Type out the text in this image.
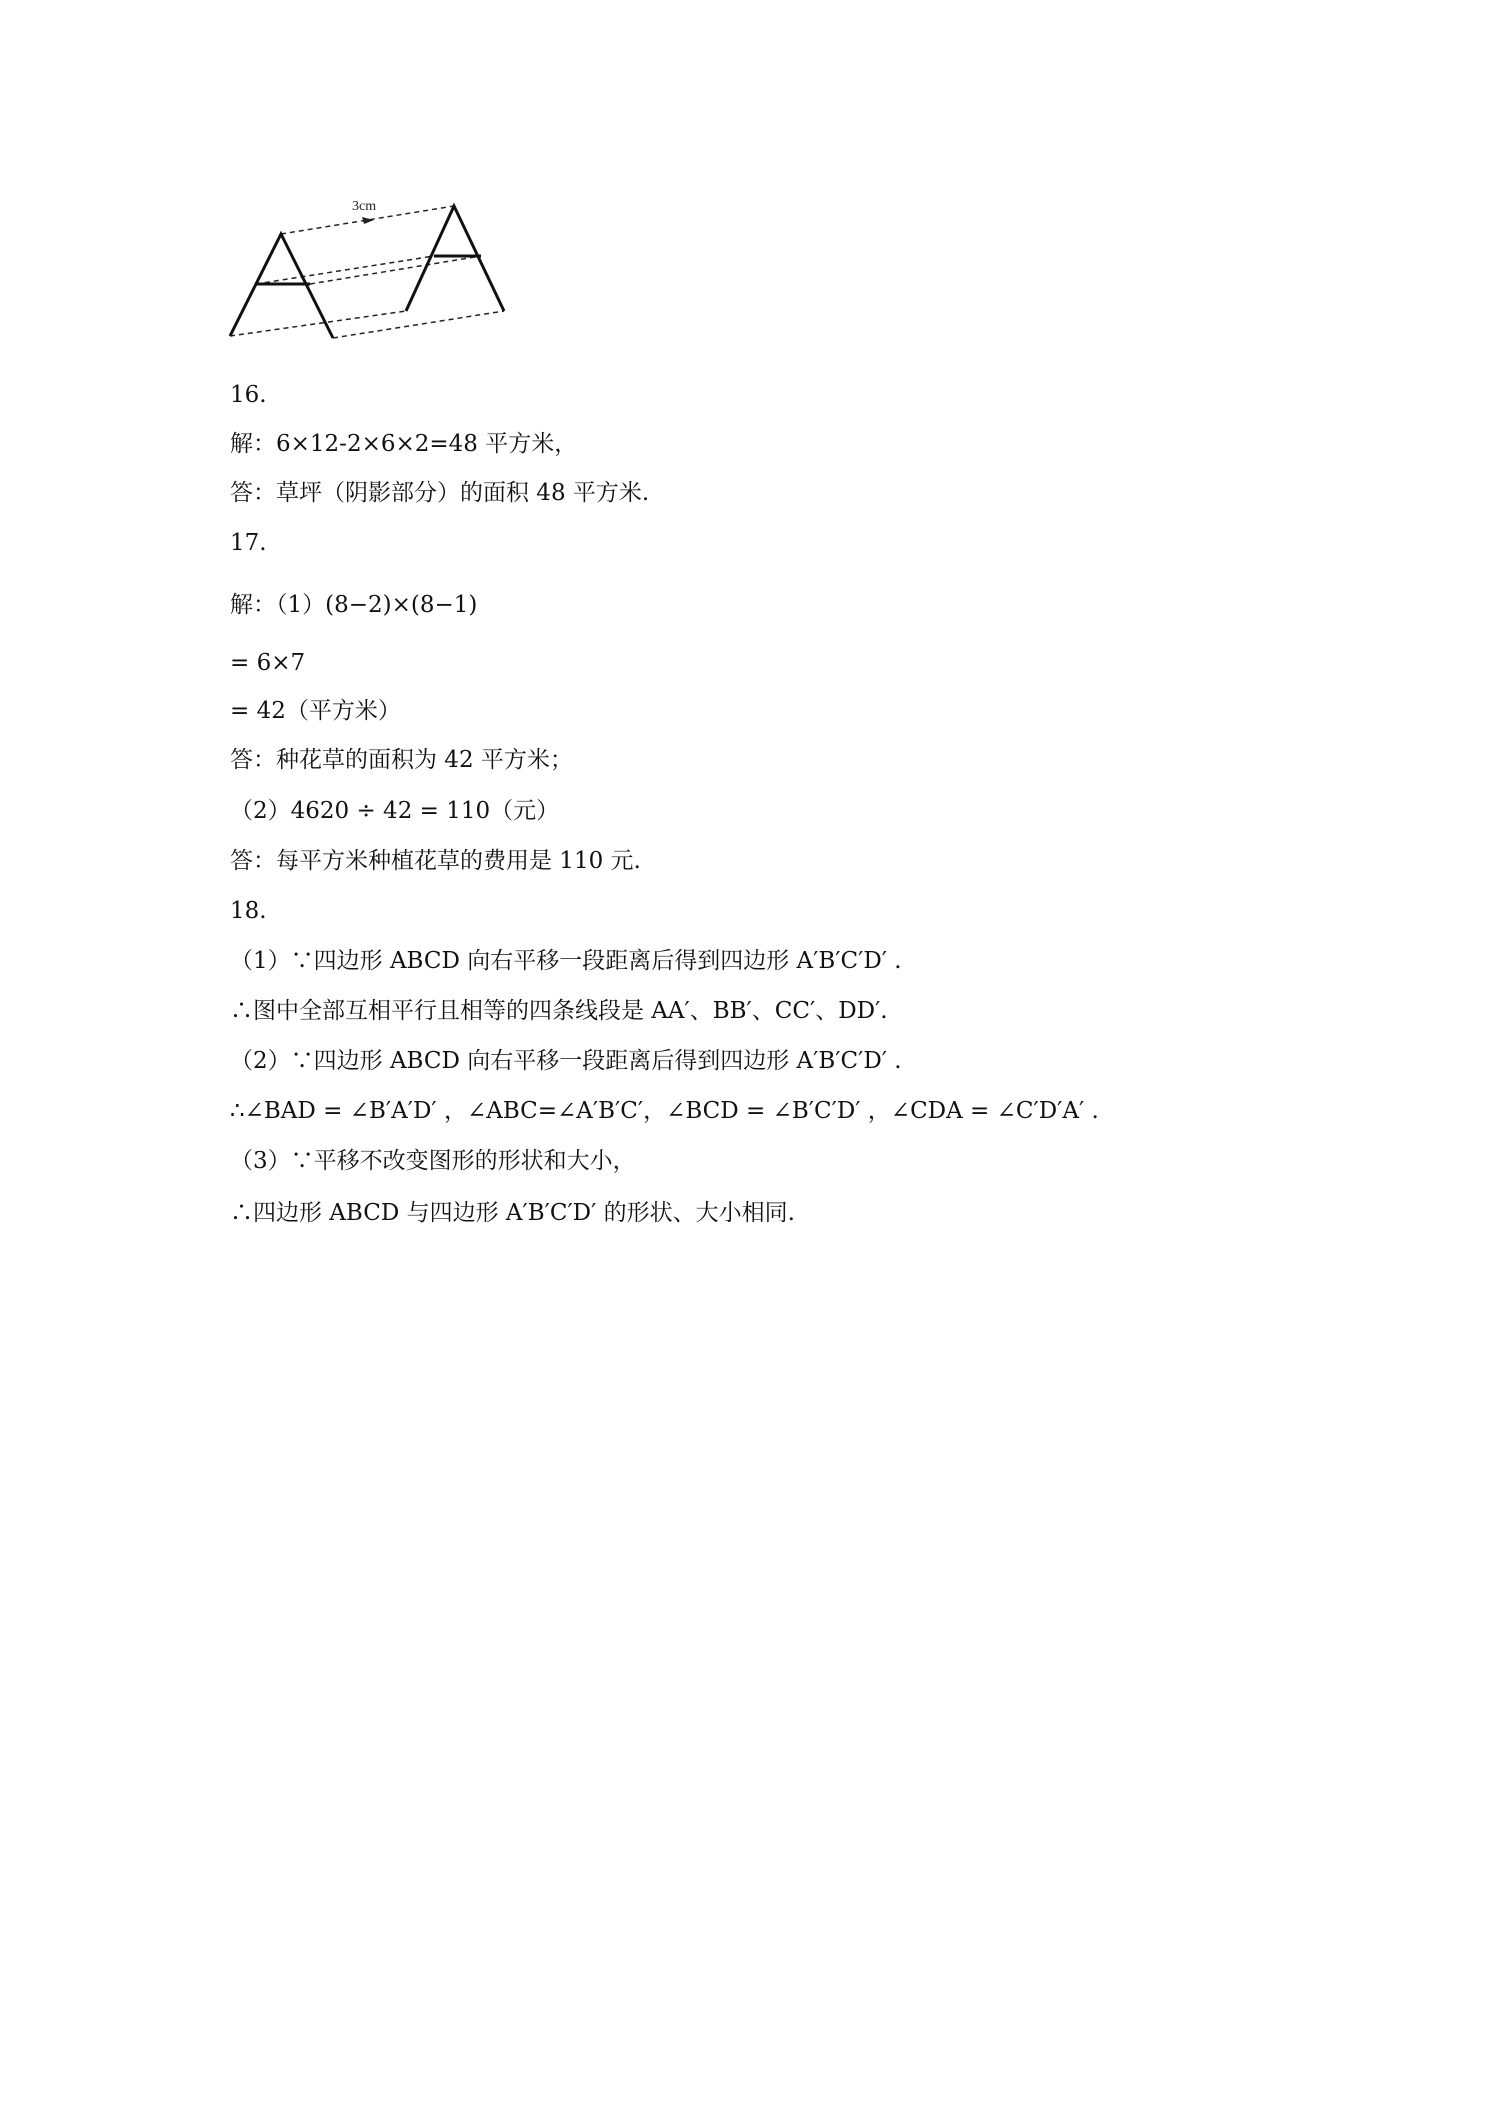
3cm
16.
解：6×12-2×6×2=48 平方米，
答：草坪（阴影部分）的面积 48 平方米.
17.
解：（1）(8−2)×(8−1)
= 6×7
= 42（平方米）
答：种花草的面积为 42 平方米；
（2）4620 ÷ 42 = 110（元）
答：每平方米种植花草的费用是 110 元.
18.
（1）∵四边形 ABCD 向右平移一段距离后得到四边形 A′B′C′D′ .
∴图中全部互相平行且相等的四条线段是 AA′、BB′、CC′、DD′.
（2）∵四边形 ABCD 向右平移一段距离后得到四边形 A′B′C′D′ .
∴∠BAD = ∠B′A′D′ ，∠ABC=∠A′B′C′，∠BCD = ∠B′C′D′ ，∠CDA = ∠C′D′A′ .
（3）∵平移不改变图形的形状和大小，
∴四边形 ABCD 与四边形 A′B′C′D′ 的形状、大小相同.
